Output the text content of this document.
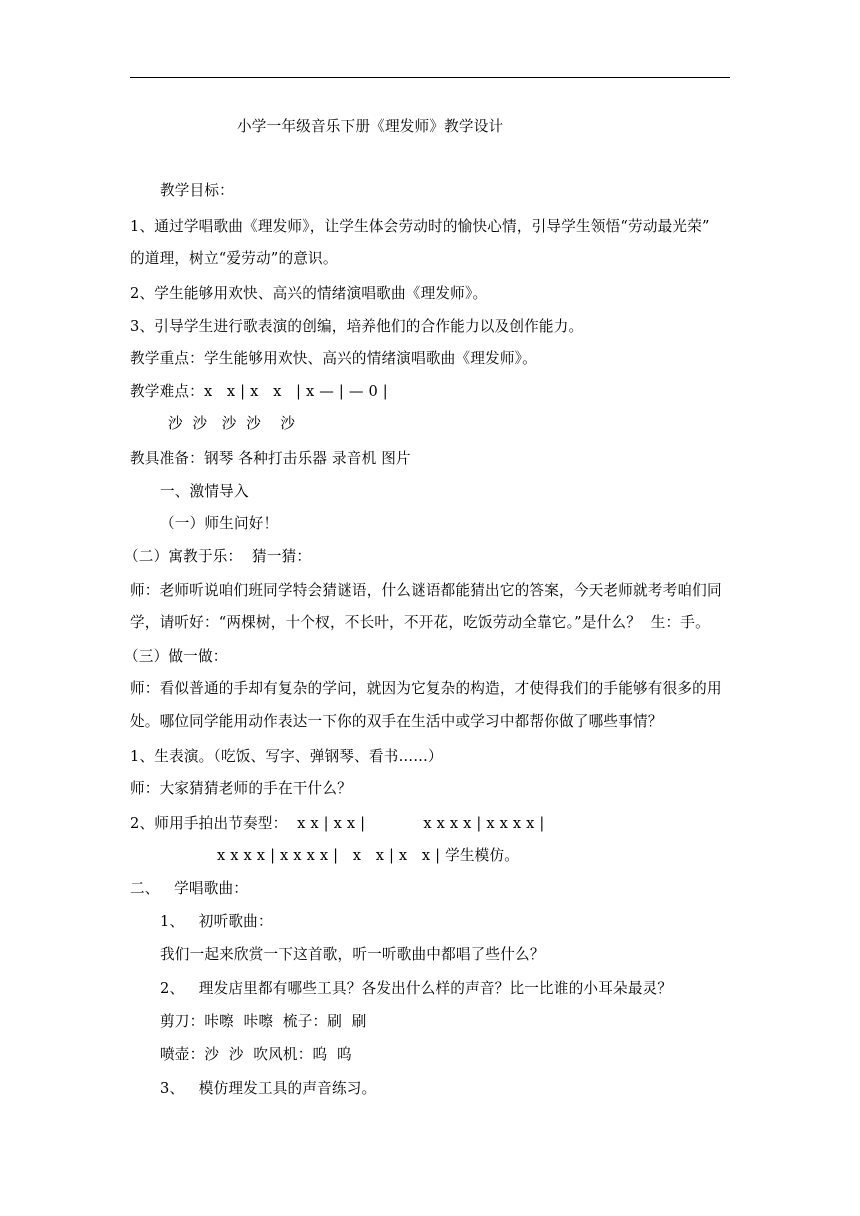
小学一年级音乐下册《理发师》教学设计
教学目标：
1、通过学唱歌曲《理发师》，让学生体会劳动时的愉快心情，引导学生领悟“劳动最光荣”
的道理，树立“爱劳动”的意识。
2、学生能够用欢快、高兴的情绪演唱歌曲《理发师》。
3、引导学生进行歌表演的创编，培养他们的合作能力以及创作能力。
教学重点：学生能够用欢快、高兴的情绪演唱歌曲《理发师》。
教学难点：x   x | x   x   | x — | — 0 |
沙  沙   沙  沙    沙
教具准备：钢琴 各种打击乐器 录音机 图片
一、激情导入
（一）师生问好！
（二）寓教于乐：  猜一猜：
师：老师听说咱们班同学特会猜谜语，什么谜语都能猜出它的答案，今天老师就考考咱们同
学，请听好：“两棵树，十个杈，不长叶，不开花，吃饭劳动全靠它。”是什么？  生：手。
（三）做一做：
师：看似普通的手却有复杂的学问，就因为它复杂的构造，才使得我们的手能够有很多的用
处。哪位同学能用动作表达一下你的双手在生活中或学习中都帮你做了哪些事情？
1、生表演。（吃饭、写字、弹钢琴、看书……）
师：大家猜猜老师的手在干什么？
2、师用手拍出节奏型：  x x | x x |            x x x x | x x x x |
x x x x | x x x x |   x   x | x   x | 学生模仿。
二、   学唱歌曲：
1、   初听歌曲：
我们一起来欣赏一下这首歌，听一听歌曲中都唱了些什么？
2、   理发店里都有哪些工具？各发出什么样的声音？比一比谁的小耳朵最灵？
剪刀：咔嚓  咔嚓  梳子：刷  刷
喷壶：沙  沙  吹风机：呜  呜
3、   模仿理发工具的声音练习。
